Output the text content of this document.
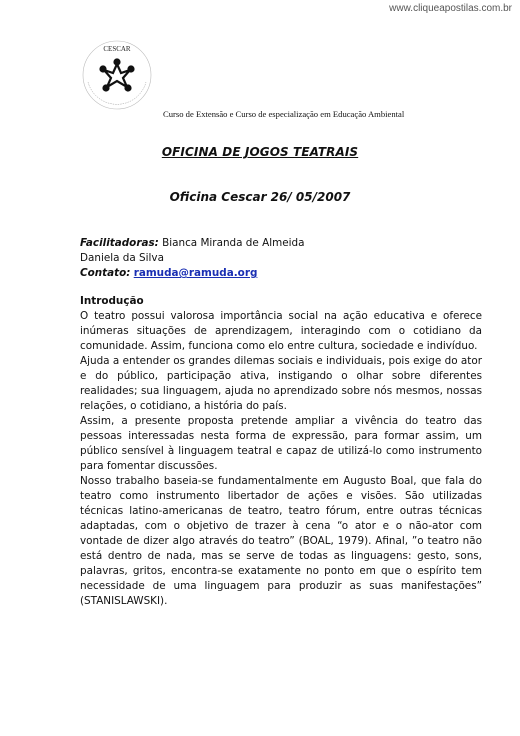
www.cliqueapostilas.com.br
CESCAR
Curso de Extensão e Curso de especialização em Educação Ambiental
OFICINA DE JOGOS TEATRAIS
Oficina Cescar 26/ 05/2007
Facilitadoras: Bianca Miranda de Almeida
Daniela da Silva
Contato: ramuda@ramuda.org

Introdução

O teatro possui valorosa importância social na ação educativa e oferece inúmeras situações de aprendizagem, interagindo com o cotidiano da comunidade. Assim, funciona como elo entre cultura, sociedade e indivíduo.

Ajuda a entender os grandes dilemas sociais e individuais, pois exige do ator e do público, participação ativa, instigando o olhar sobre diferentes realidades; sua linguagem, ajuda no aprendizado sobre nós mesmos, nossas relações, o cotidiano, a história do país.

Assim, a presente proposta pretende ampliar a vivência do teatro das pessoas interessadas nesta forma de expressão, para formar assim, um público sensível à linguagem teatral e capaz de utilizá-lo como instrumento para fomentar discussões.

Nosso trabalho baseia-se fundamentalmente em Augusto Boal, que fala do teatro como instrumento libertador de ações e visões. São utilizadas técnicas latino-americanas de teatro, teatro fórum, entre outras técnicas adaptadas, com o objetivo de trazer à cena “o ator e o não-ator com vontade de dizer algo através do teatro” (BOAL, 1979). Afinal, ”o teatro não está dentro de nada, mas se serve de todas as linguagens: gesto, sons, palavras, gritos, encontra-se exatamente no ponto em que o espírito tem necessidade de uma linguagem para produzir as suas manifestações” (STANISLAWSKI).
